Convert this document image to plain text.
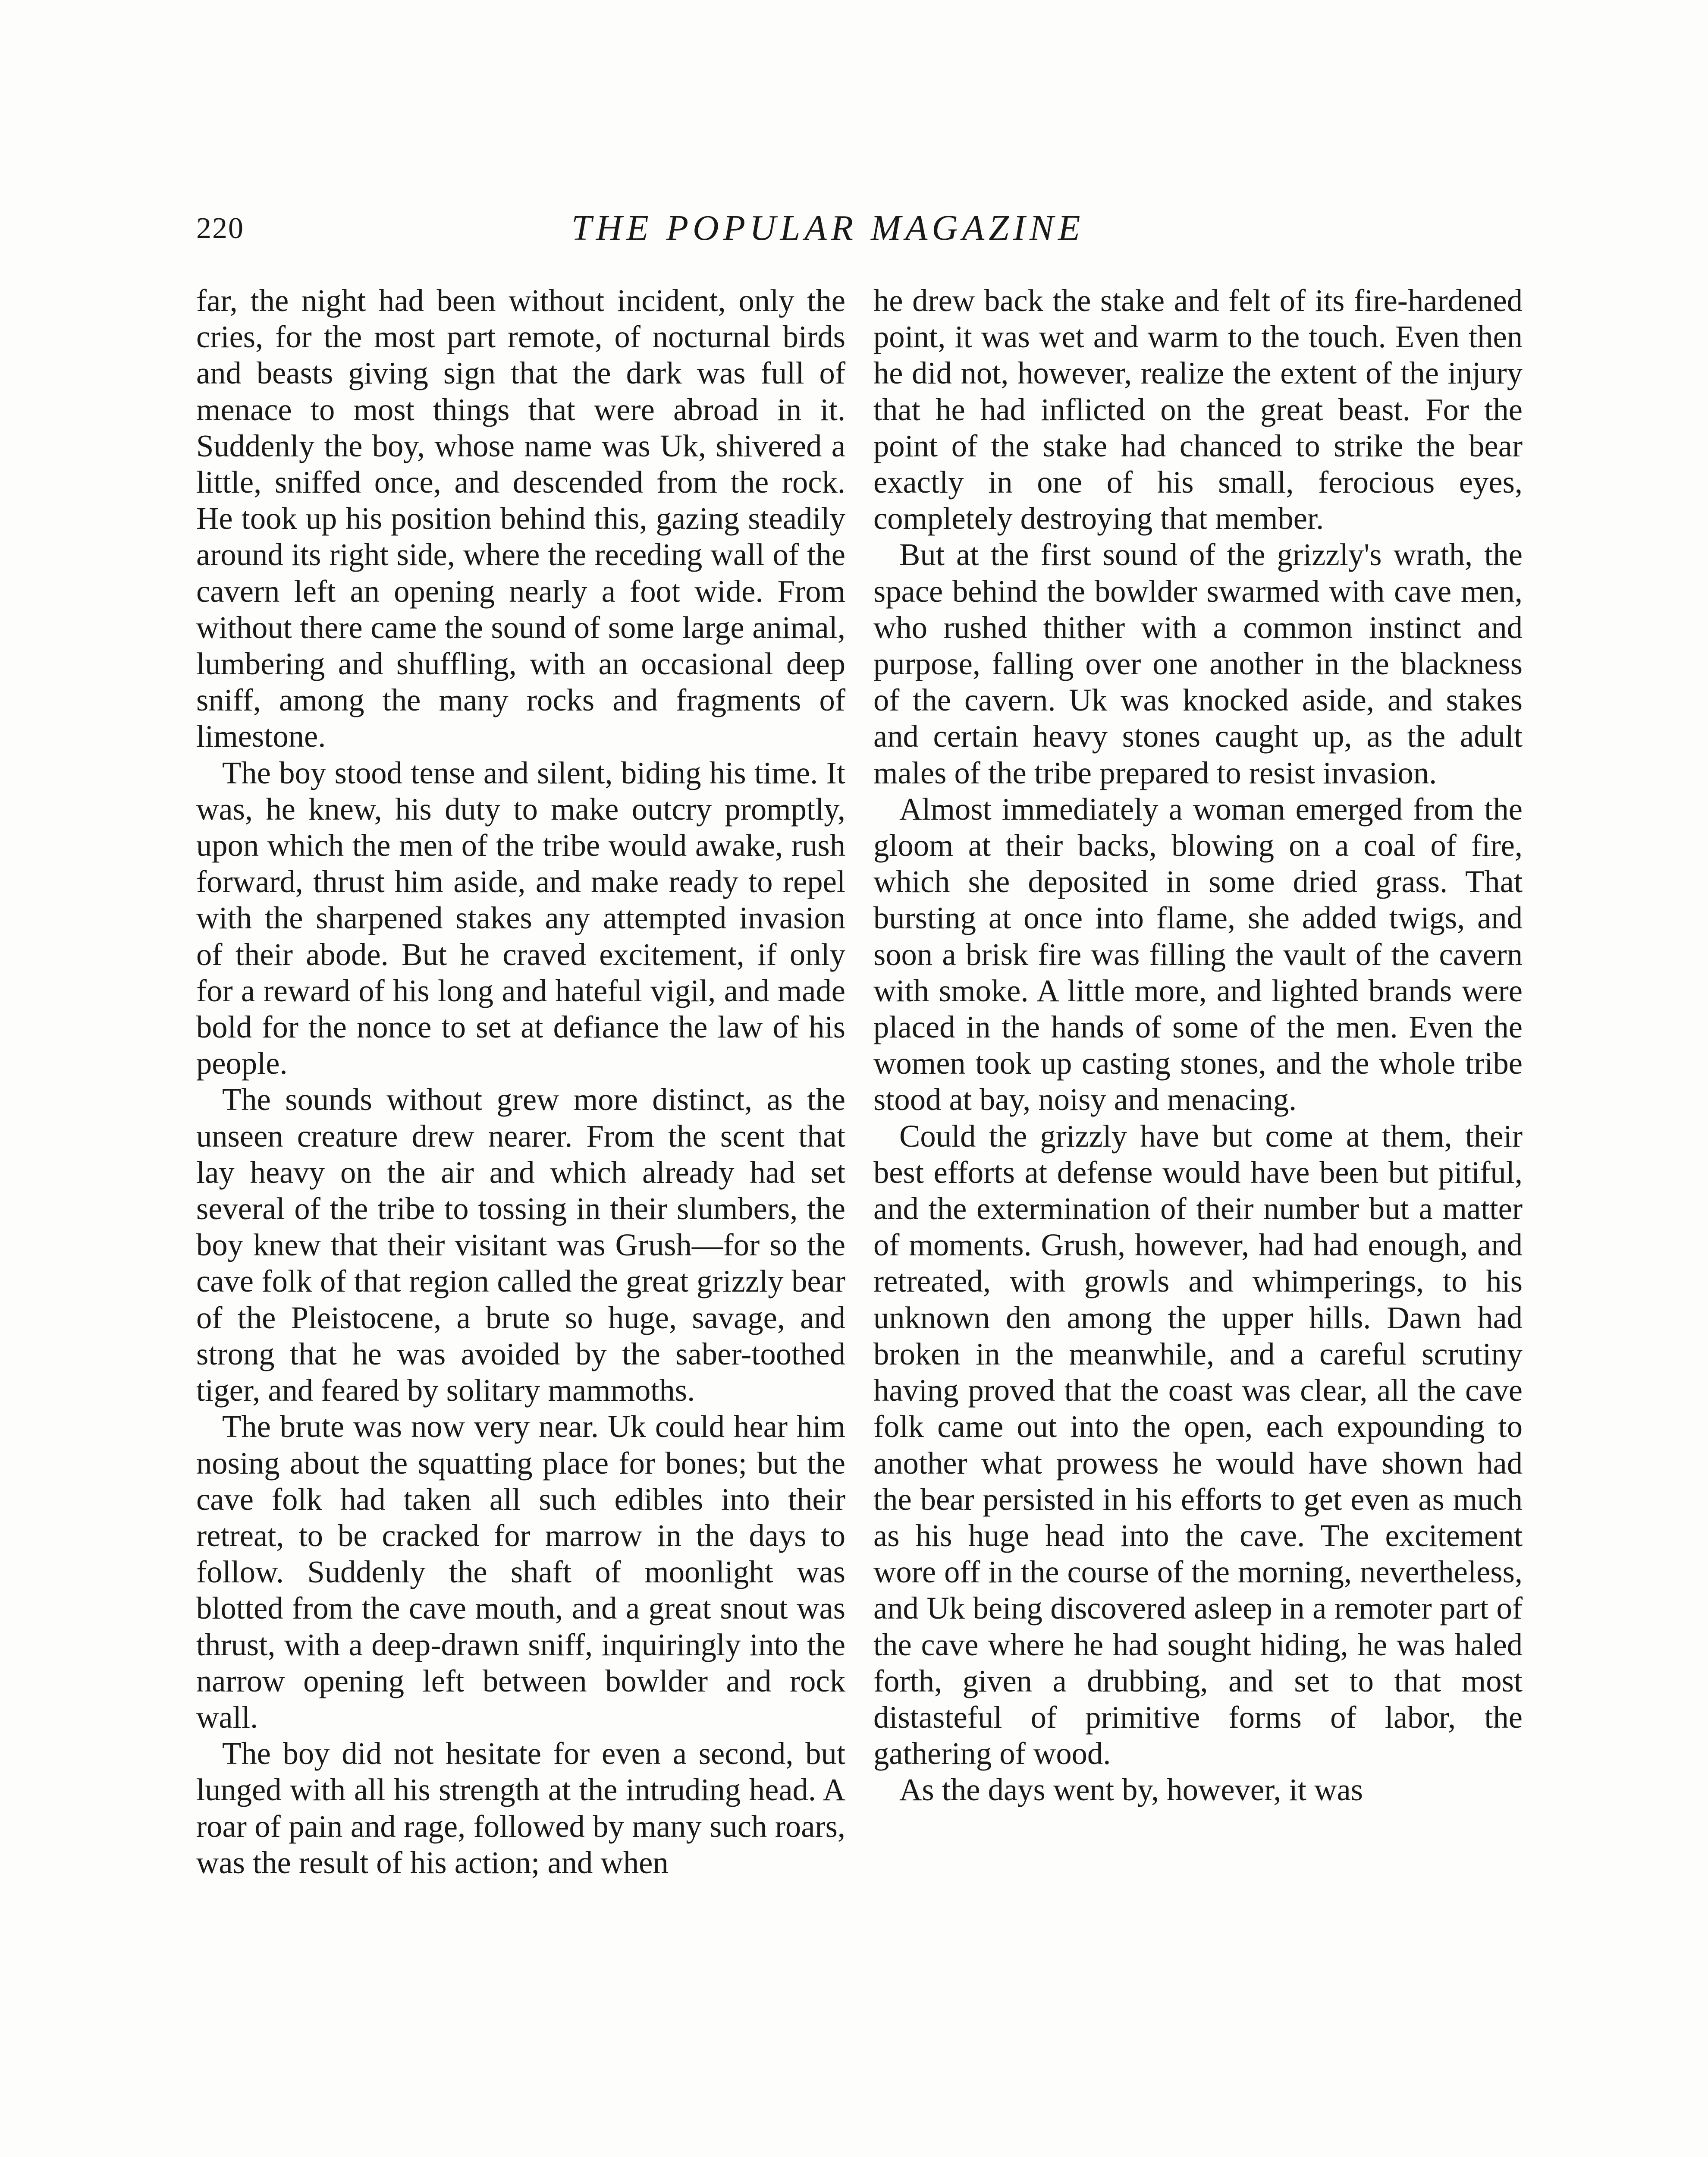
220	THE POPULAR MAGAZINE

far, the night had been without incident, only the cries, for the most part remote, of nocturnal birds and beasts giving sign that the dark was full of menace to most things that were abroad in it. Suddenly the boy, whose name was Uk, shivered a little, sniffed once, and descended from the rock. He took up his position behind this, gazing steadily around its right side, where the receding wall of the cavern left an opening nearly a foot wide. From without there came the sound of some large animal, lumbering and shuffling, with an occasional deep sniff, among the many rocks and fragments of limestone.

The boy stood tense and silent, biding his time. It was, he knew, his duty to make outcry promptly, upon which the men of the tribe would awake, rush forward, thrust him aside, and make ready to repel with the sharpened stakes any attempted invasion of their abode. But he craved excitement, if only for a reward of his long and hateful vigil, and made bold for the nonce to set at defiance the law of his people.

The sounds without grew more distinct, as the unseen creature drew nearer. From the scent that lay heavy on the air and which already had set several of the tribe to tossing in their slumbers, the boy knew that their visitant was Grush—for so the cave folk of that region called the great grizzly bear of the Pleistocene, a brute so huge, savage, and strong that he was avoided by the saber-toothed tiger, and feared by solitary mammoths.

The brute was now very near. Uk could hear him nosing about the squatting place for bones; but the cave folk had taken all such edibles into their retreat, to be cracked for marrow in the days to follow. Suddenly the shaft of moonlight was blotted from the cave mouth, and a great snout was thrust, with a deep-drawn sniff, inquiringly into the narrow opening left between bowlder and rock wall.

The boy did not hesitate for even a second, but lunged with all his strength at the intruding head. A roar of pain and rage, followed by many such roars, was the result of his action; and when

he drew back the stake and felt of its fire-hardened point, it was wet and warm to the touch. Even then he did not, however, realize the extent of the injury that he had inflicted on the great beast. For the point of the stake had chanced to strike the bear exactly in one of his small, ferocious eyes, completely destroying that member.

But at the first sound of the grizzly's wrath, the space behind the bowlder swarmed with cave men, who rushed thither with a common instinct and purpose, falling over one another in the blackness of the cavern. Uk was knocked aside, and stakes and certain heavy stones caught up, as the adult males of the tribe prepared to resist invasion.

Almost immediately a woman emerged from the gloom at their backs, blowing on a coal of fire, which she deposited in some dried grass. That bursting at once into flame, she added twigs, and soon a brisk fire was filling the vault of the cavern with smoke. A little more, and lighted brands were placed in the hands of some of the men. Even the women took up casting stones, and the whole tribe stood at bay, noisy and menacing.

Could the grizzly have but come at them, their best efforts at defense would have been but pitiful, and the extermination of their number but a matter of moments. Grush, however, had had enough, and retreated, with growls and whimperings, to his unknown den among the upper hills. Dawn had broken in the meanwhile, and a careful scrutiny having proved that the coast was clear, all the cave folk came out into the open, each expounding to another what prowess he would have shown had the bear persisted in his efforts to get even as much as his huge head into the cave. The excitement wore off in the course of the morning, nevertheless, and Uk being discovered asleep in a remoter part of the cave where he had sought hiding, he was haled forth, given a drubbing, and set to that most distasteful of primitive forms of labor, the gathering of wood.

As the days went by, however, it was
